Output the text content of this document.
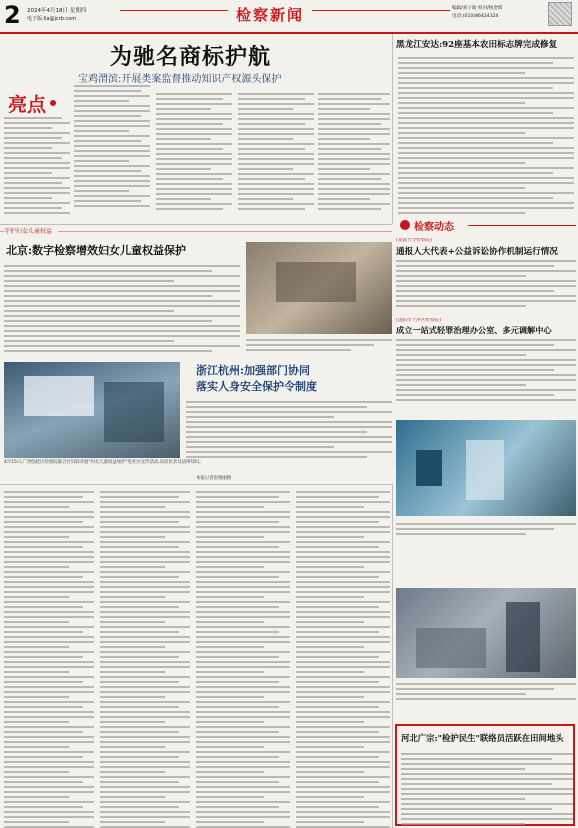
2 2024年4月18日 星期四
电子版:lla@jcrb.com	检察新闻	编辑/刘子旸 校对/杨金辉
电话:(010)86424324
为驰名商标护航
宝鸡渭滨:开展类案监督推动知识产权源头保护
亮点
黑龙江安达:92座基本农田标志牌完成修复
检察动态
[基础大令检察院]
通报人大代表+公益诉讼协作机制运行情况
[沈阳市于洪区检察院]
成立一站式轻罪治理办公室、多元调解中心
守护妇女儿童权益
北京:数字检察增效妇女儿童权益保护
4月15日,广西临桂区检察院联合区妇联开展"妇女儿童权益保护"进社区宣传活动,向居民普及法律知识。
本报记者崔晓丽摄
浙江杭州:加强部门协同
落实人身安全保护令制度
河北广宗:"检护民生"联络员活跃在田间地头
